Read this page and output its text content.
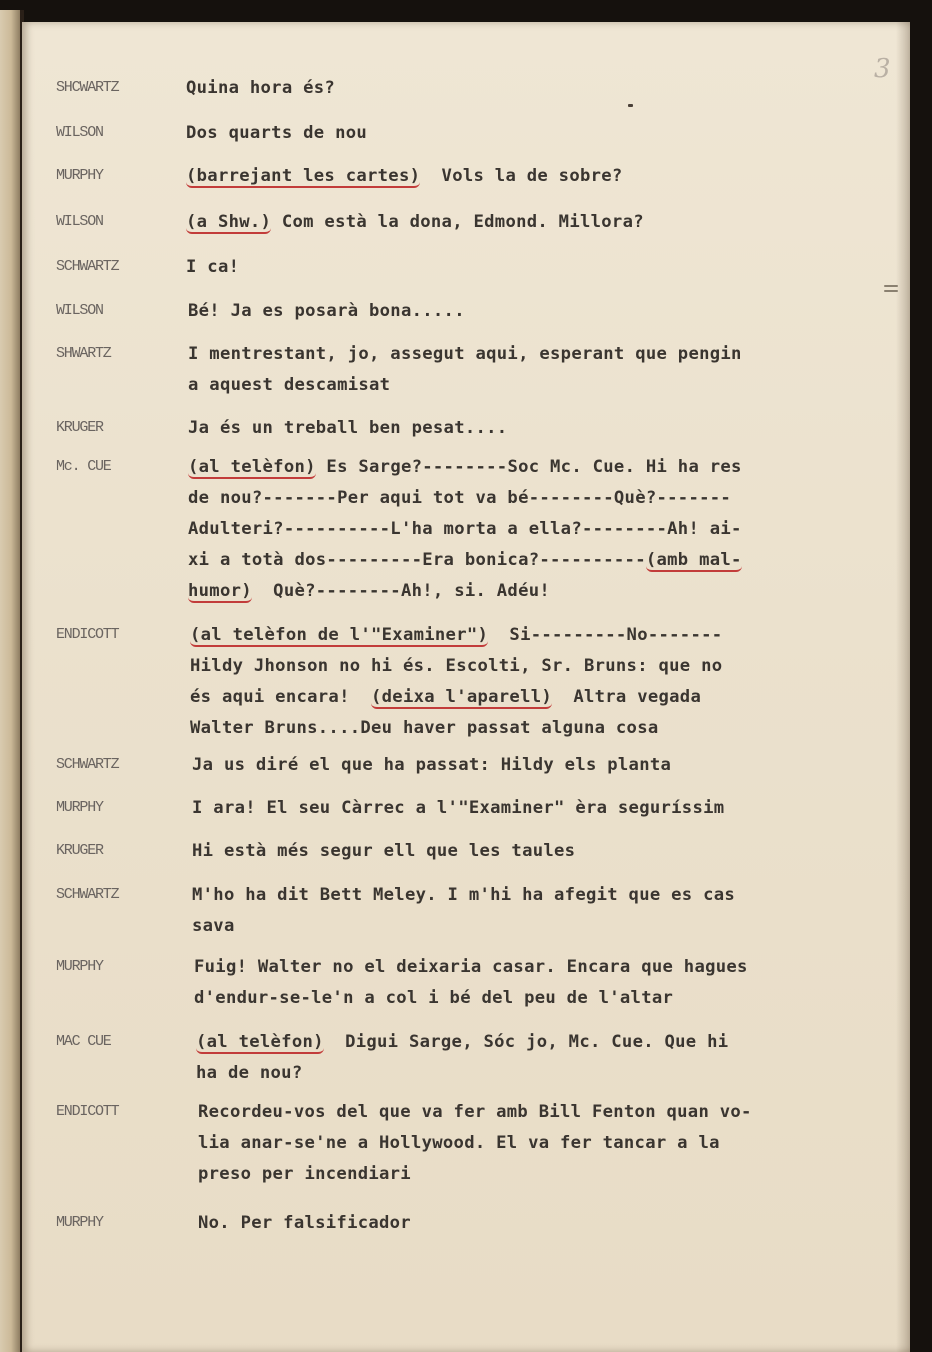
3
SHCWARTZ	Quina hora és?
WILSON	Dos quarts de nou
MURPHY	(barrejant les cartes)  Vols la de sobre?
WILSON	(a Shw.) Com està la dona, Edmond. Millora?
SCHWARTZ	I ca!
WILSON	Bé! Ja es posarà bona.....
SHWARTZ	I mentrestant, jo, assegut aqui, esperant que pengin
a aquest descamisat
KRUGER	Ja és un treball ben pesat....
Mc. CUE	(al telèfon) Es Sarge?--------Soc Mc. Cue. Hi ha res
de nou?-------Per aqui tot va bé--------Què?-------
Adulteri?----------L'ha morta a ella?--------Ah! ai-
xi a totà dos---------Era bonica?----------(amb mal-
humor)  Què?--------Ah!, si. Adéu!
ENDICOTT	(al telèfon de l'"Examiner")  Si---------No-------
Hildy Jhonson no hi és. Escolti, Sr. Bruns: que no
és aqui encara!  (deixa l'aparell)  Altra vegada
Walter Bruns....Deu haver passat alguna cosa
SCHWARTZ	Ja us diré el que ha passat: Hildy els planta
MURPHY	I ara! El seu Càrrec a l'"Examiner" èra seguríssim
KRUGER	Hi està més segur ell que les taules
SCHWARTZ	M'ho ha dit Bett Meley. I m'hi ha afegit que es cas
sava
MURPHY	Fuig! Walter no el deixaria casar. Encara que hagues
d'endur-se-le'n a col i bé del peu de l'altar
MAC CUE	(al telèfon)  Digui Sarge, Sóc jo, Mc. Cue. Que hi
ha de nou?
ENDICOTT	Recordeu-vos del que va fer amb Bill Fenton quan vo-
lia anar-se'ne a Hollywood. El va fer tancar a la
preso per incendiari
MURPHY	No. Per falsificador
